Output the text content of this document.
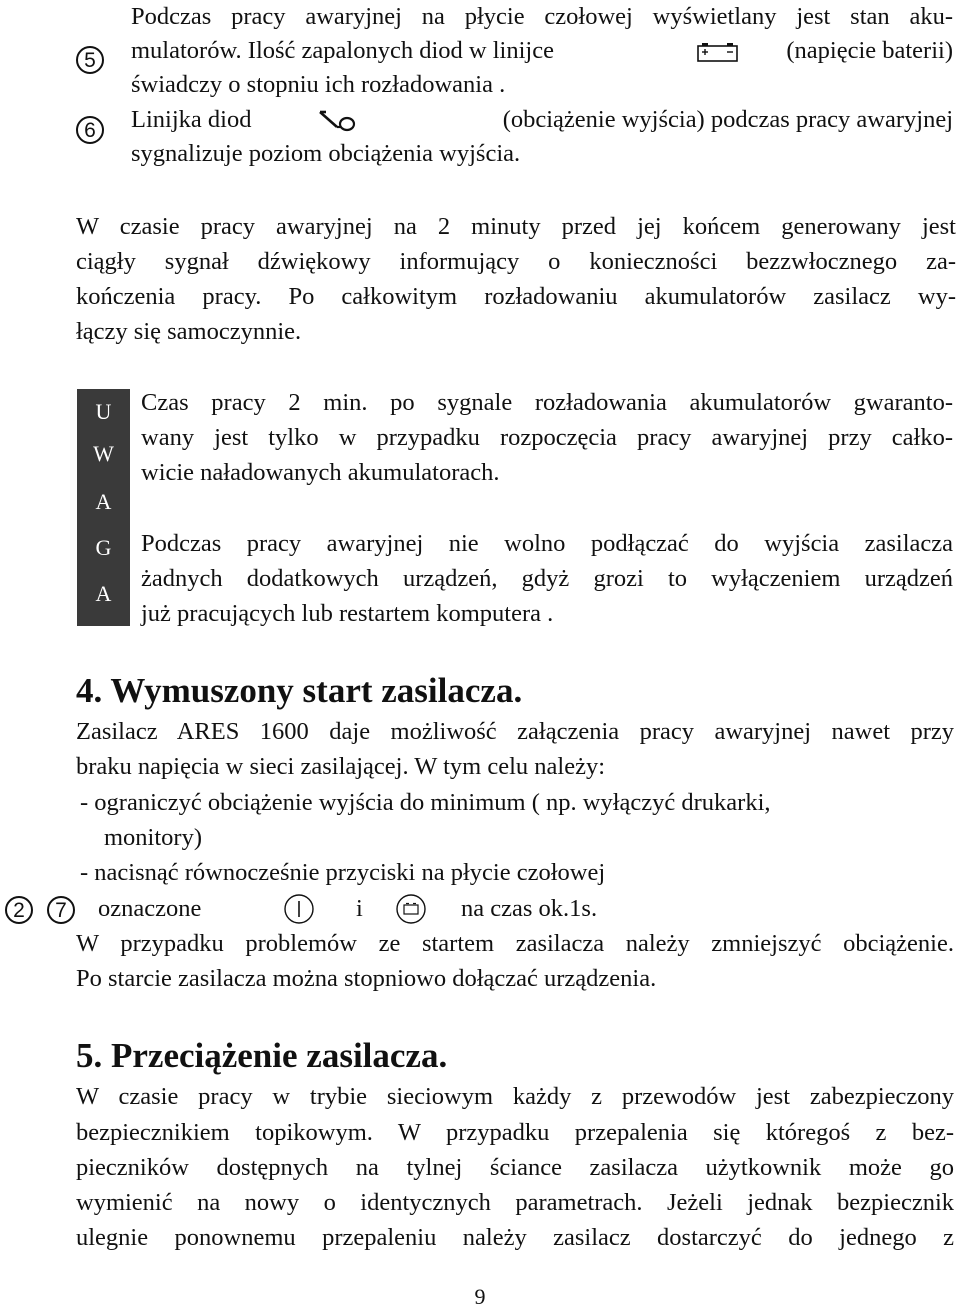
5
6
Podczas pracy awaryjnej na płycie czołowej wyświetlany jest stan aku-
mulatorów. Ilość zapalonych diod w linijce	(napięcie baterii)
świadczy o stopniu ich rozładowania .
Linijka diod	(obciążenie wyjścia) podczas pracy awaryjnej
sygnalizuje poziom obciążenia wyjścia.
W czasie pracy awaryjnej na 2 minuty przed jej końcem generowany jest
ciągły sygnał dźwiękowy informujący o konieczności bezzwłocznego za-
kończenia pracy. Po całkowitym rozładowaniu akumulatorów zasilacz wy-
łączy się samoczynnie.
U
W
A
G
A
Czas pracy 2 min. po sygnale rozładowania akumulatorów gwaranto-
wany jest tylko w przypadku rozpoczęcia pracy awaryjnej przy całko-
wicie naładowanych akumulatorach.
Podczas pracy awaryjnej nie wolno podłączać do wyjścia zasilacza
żadnych dodatkowych urządzeń, gdyż grozi to wyłączeniem urządzeń
już pracujących lub restartem komputera .
4. Wymuszony start zasilacza.
Zasilacz ARES 1600 daje możliwość załączenia pracy awaryjnej nawet przy
braku napięcia w sieci zasilającej. W tym celu należy:
- ograniczyć obciążenie wyjścia do minimum ( np. wyłączyć drukarki,
monitory)
- nacisnąć równocześnie przyciski na płycie czołowej
2	7	oznaczone	i	na czas ok.1s.
W przypadku problemów ze startem zasilacza należy zmniejszyć obciążenie.
Po starcie zasilacza można stopniowo dołączać urządzenia.
5. Przeciążenie zasilacza.
W czasie pracy w trybie sieciowym każdy z przewodów jest zabezpieczony
bezpiecznikiem topikowym. W przypadku przepalenia się któregoś z bez-
pieczników dostępnych na tylnej ściance zasilacza użytkownik może go
wymienić na nowy o identycznych parametrach. Jeżeli jednak bezpiecznik
ulegnie ponownemu przepaleniu należy zasilacz dostarczyć do jednego z
9
